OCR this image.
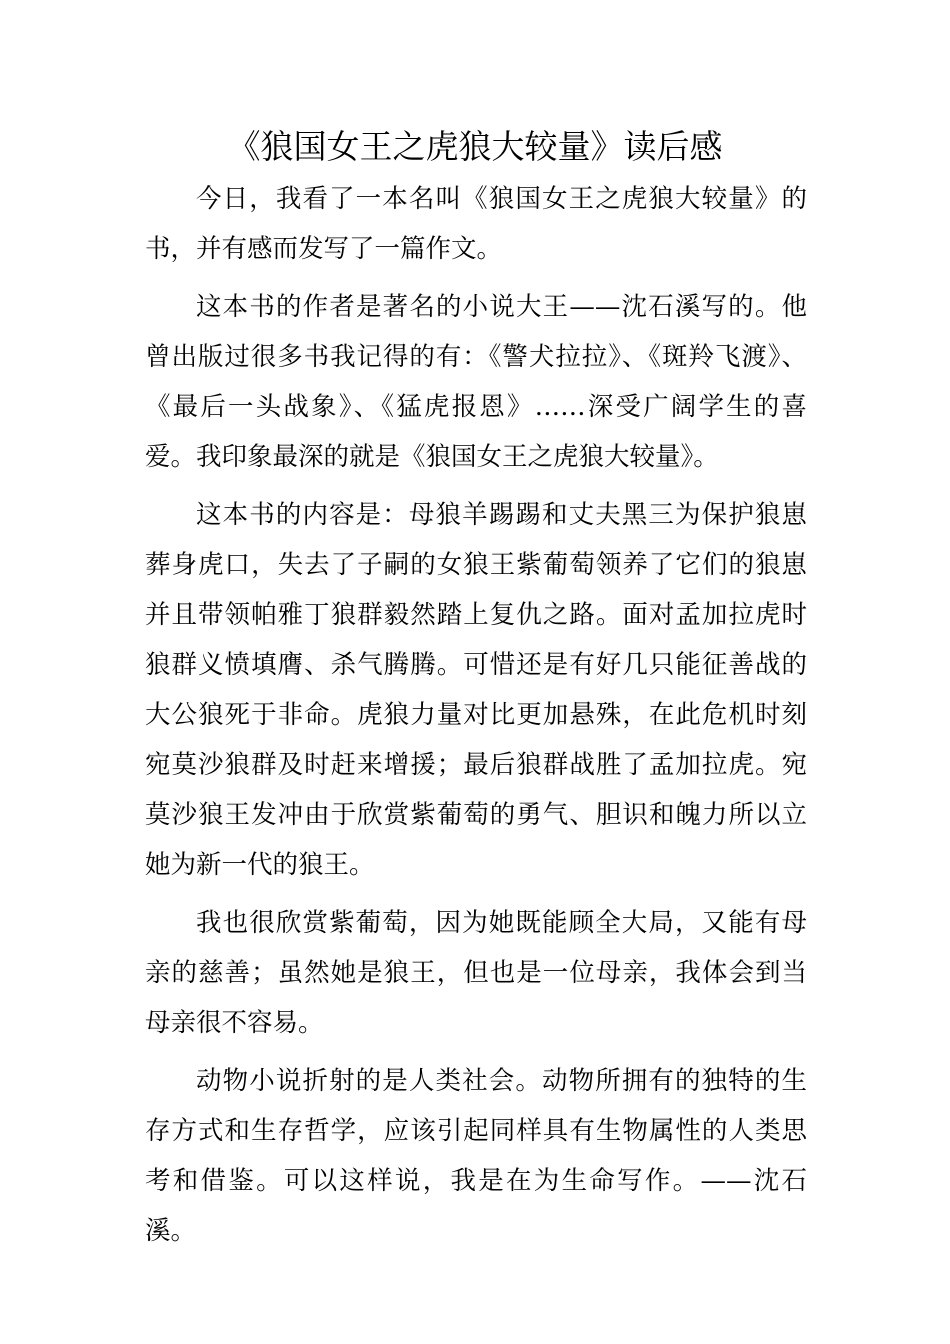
《狼国女王之虎狼大较量》读后感

今日，我看了一本名叫《狼国女王之虎狼大较量》的书，并有感而发写了一篇作文。

这本书的作者是著名的小说大王——沈石溪写的。他曾出版过很多书我记得的有：《警犬拉拉》、《斑羚飞渡》、《最后一头战象》、《猛虎报恩》……深受广阔学生的喜爱。我印象最深的就是《狼国女王之虎狼大较量》。

这本书的内容是：母狼羊踢踢和丈夫黑三为保护狼崽葬身虎口，失去了子嗣的女狼王紫葡萄领养了它们的狼崽并且带领帕雅丁狼群毅然踏上复仇之路。面对孟加拉虎时狼群义愤填膺、杀气腾腾。可惜还是有好几只能征善战的大公狼死于非命。虎狼力量对比更加悬殊，在此危机时刻宛莫沙狼群及时赶来增援；最后狼群战胜了孟加拉虎。宛莫沙狼王发冲由于欣赏紫葡萄的勇气、胆识和魄力所以立她为新一代的狼王。

我也很欣赏紫葡萄，因为她既能顾全大局，又能有母亲的慈善；虽然她是狼王，但也是一位母亲，我体会到当母亲很不容易。

动物小说折射的是人类社会。动物所拥有的独特的生存方式和生存哲学，应该引起同样具有生物属性的人类思考和借鉴。可以这样说，我是在为生命写作。——沈石溪。
